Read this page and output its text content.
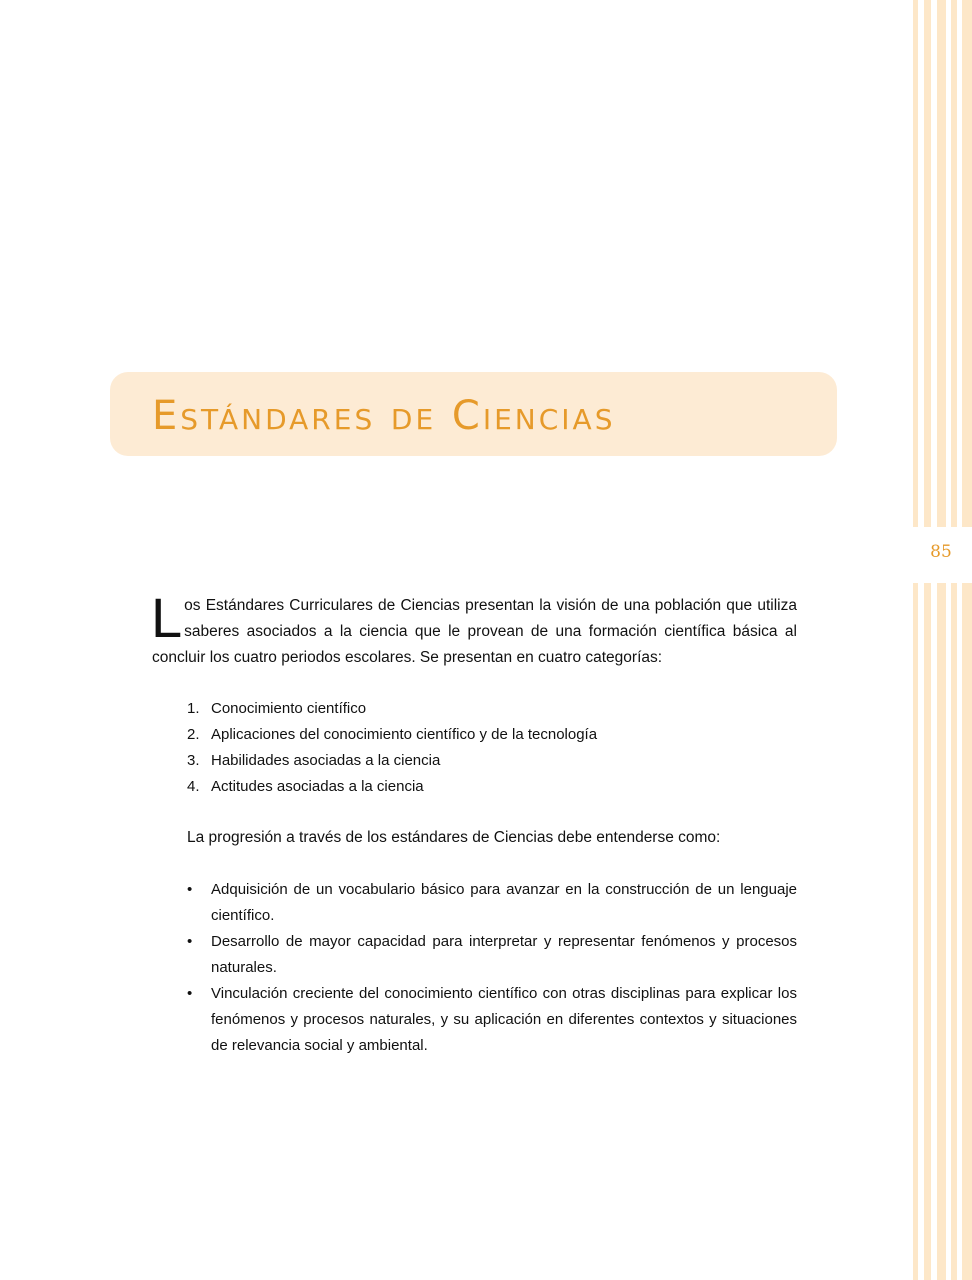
85
Estándares de Ciencias

Los Estándares Curriculares de Ciencias presentan la visión de una población que utiliza saberes asociados a la ciencia que le provean de una formación científica básica al concluir los cuatro periodos escolares. Se presentan en cuatro categorías:

1. Conocimiento científico
2. Aplicaciones del conocimiento científico y de la tecnología
3. Habilidades asociadas a la ciencia
4. Actitudes asociadas a la ciencia

La progresión a través de los estándares de Ciencias debe entenderse como:

• Adquisición de un vocabulario básico para avanzar en la construcción de un lenguaje científico.
• Desarrollo de mayor capacidad para interpretar y representar fenómenos y procesos naturales.
• Vinculación creciente del conocimiento científico con otras disciplinas para explicar los fenómenos y procesos naturales, y su aplicación en diferentes contextos y situaciones de relevancia social y ambiental.
